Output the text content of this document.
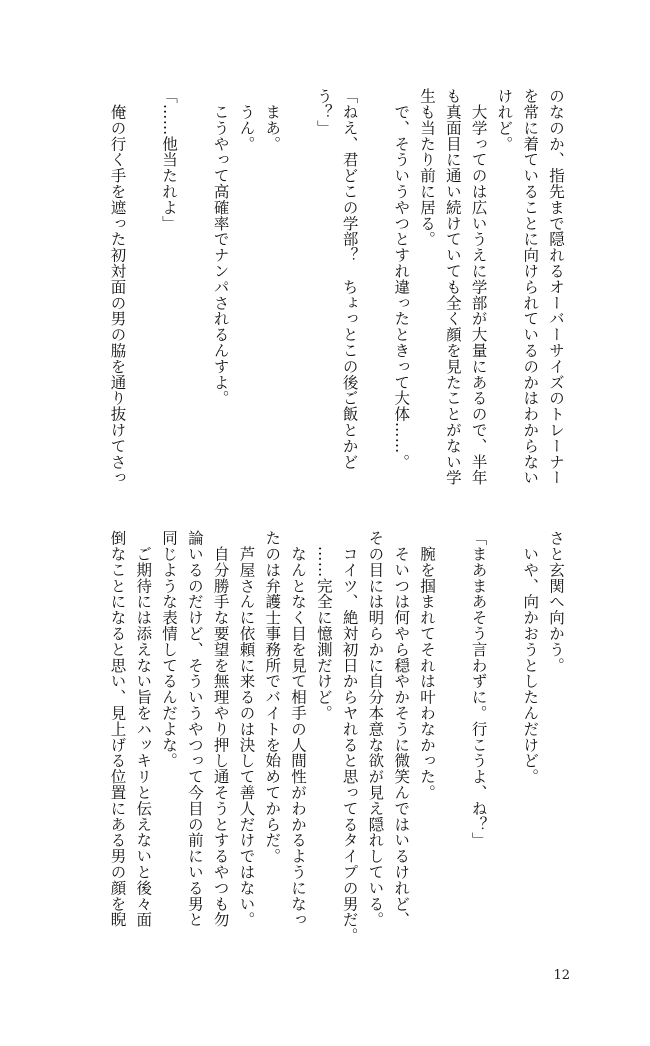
のなのか、指先まで隠れるオーバーサイズのトレーナー
を常に着ていることに向けられているのかはわからない
けれど。
　大学ってのは広いうえに学部が大量にあるので、半年
も真面目に通い続けていても全く顔を見たことがない学
生も当たり前に居る。
　で、そういうやつとすれ違ったときって大体……。

「ねえ、君どこの学部？　ちょっとこの後ご飯とかど
う？」

　まあ。
　うん。
　こうやって高確率でナンパされるんすよ。

「……他当たれよ」

　俺の行く手を遮った初対面の男の脇を通り抜けてさっ
さと玄関へ向かう。
　いや、向かおうとしたんだけど。

「まあまあそう言わずに。行こうよ、ね？」

　腕を掴まれてそれは叶わなかった。
　そいつは何やら穏やかそうに微笑んではいるけれど、
その目には明らかに自分本意な欲が見え隠れしている。
　コイツ、絶対初日からヤれると思ってるタイプの男だ。
　……完全に憶測だけど。
　なんとなく目を見て相手の人間性がわかるようになっ
たのは弁護士事務所でバイトを始めてからだ。
　芦屋さんに依頼に来るのは決して善人だけではない。
　自分勝手な要望を無理やり押し通そうとするやつも勿
論いるのだけど、そういうやつって今目の前にいる男と
同じような表情してるんだよな。
　ご期待には添えない旨をハッキリと伝えないと後々面
倒なことになると思い、見上げる位置にある男の顔を睨
12
